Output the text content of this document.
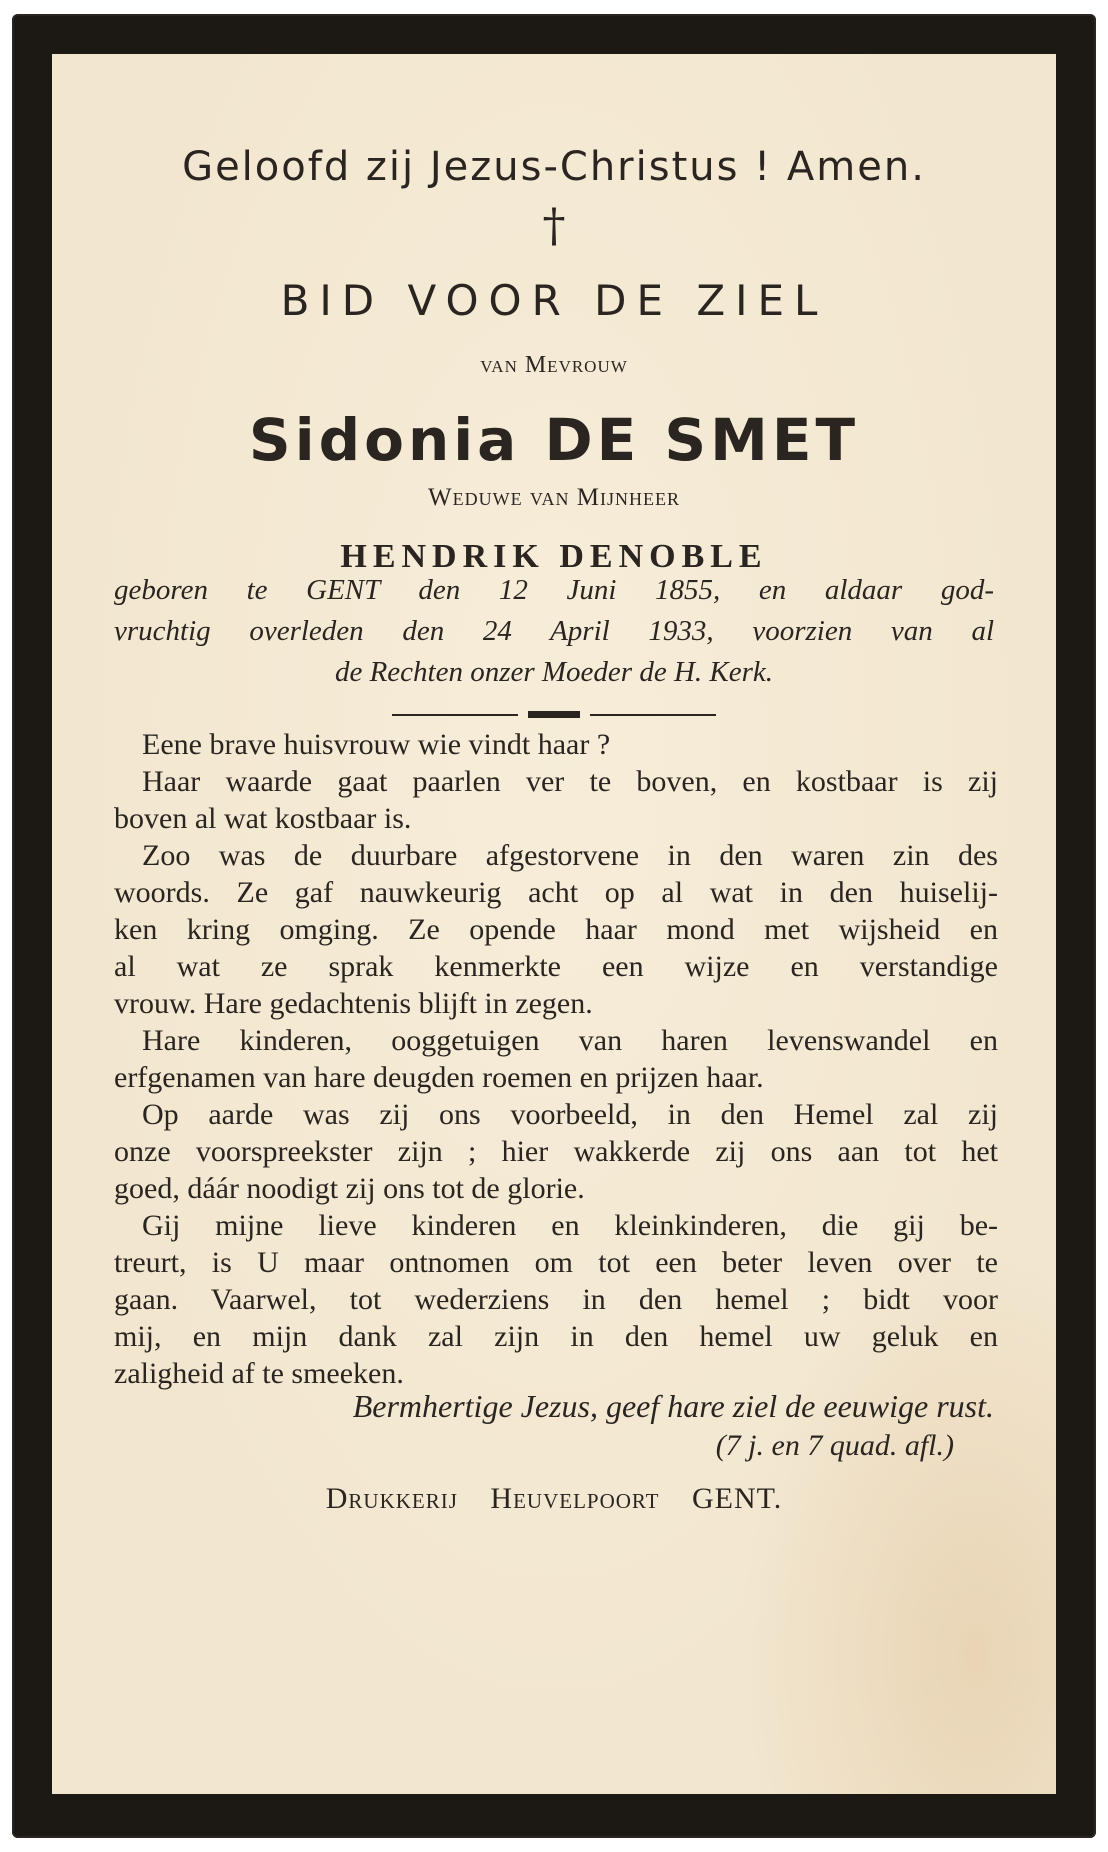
Geloofd zij Jezus-Christus ! Amen.
†
BID VOOR DE ZIEL
van Mevrouw
Sidonia DE SMET
Weduwe van Mijnheer
HENDRIK DENOBLE
geboren te GENT den 12 Juni 1855, en aldaar god-
vruchtig overleden den 24 April 1933, voorzien van al
de Rechten onzer Moeder de H. Kerk.
Eene brave huisvrouw wie vindt haar ?
Haar waarde gaat paarlen ver te boven, en kostbaar is zij
boven al wat kostbaar is.
Zoo was de duurbare afgestorvene in den waren zin des
woords. Ze gaf nauwkeurig acht op al wat in den huiselij-
ken kring omging. Ze opende haar mond met wijsheid en
al wat ze sprak kenmerkte een wijze en verstandige
vrouw. Hare gedachtenis blijft in zegen.
Hare kinderen, ooggetuigen van haren levenswandel en
erfgenamen van hare deugden roemen en prijzen haar.
Op aarde was zij ons voorbeeld, in den Hemel zal zij
onze voorspreekster zijn ; hier wakkerde zij ons aan tot het
goed, dáár noodigt zij ons tot de glorie.
Gij mijne lieve kinderen en kleinkinderen, die gij be-
treurt, is U maar ontnomen om tot een beter leven over te
gaan. Vaarwel, tot wederziens in den hemel ; bidt voor
mij, en mijn dank zal zijn in den hemel uw geluk en
zaligheid af te smeeken.
Bermhertige Jezus, geef hare ziel de eeuwige rust.
(7 j. en 7 quad. afl.)
Drukkerij Heuvelpoort GENT.
